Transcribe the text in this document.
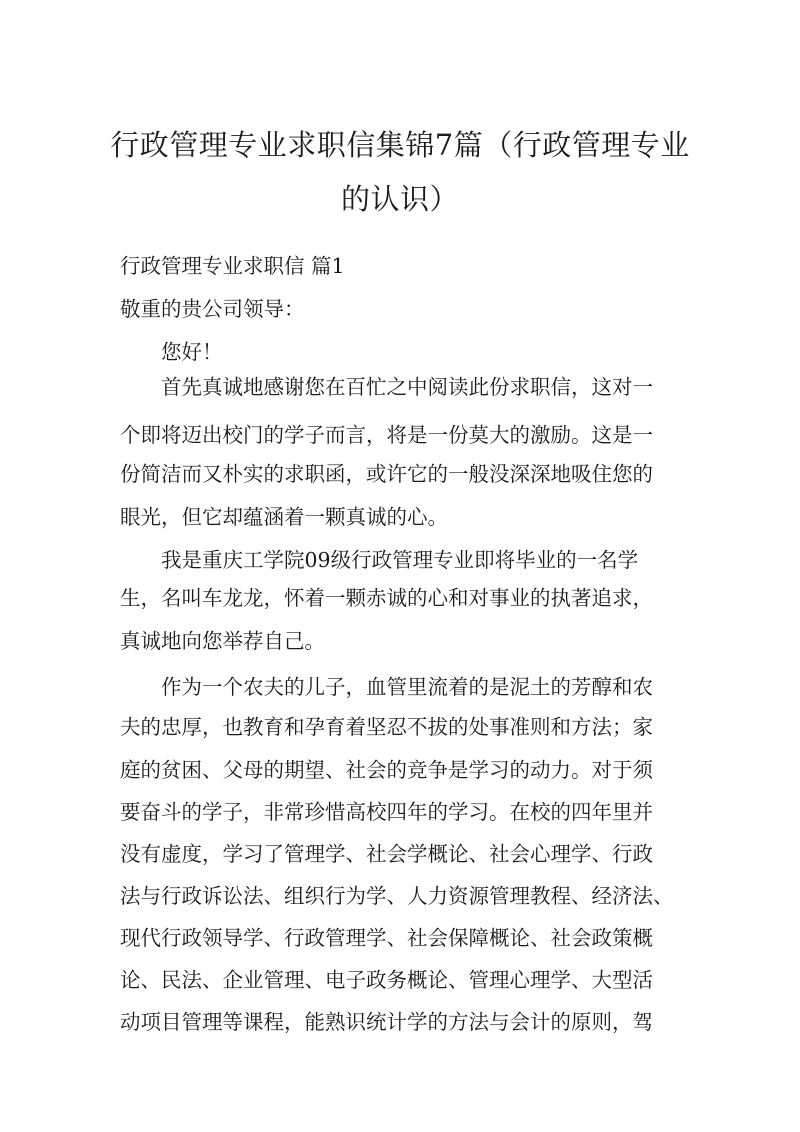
行政管理专业求职信集锦7篇（行政管理专业的认识）

行政管理专业求职信 篇1

敬重的贵公司领导：

您好！

首先真诚地感谢您在百忙之中阅读此份求职信，这对一

个即将迈出校门的学子而言，将是一份莫大的激励。这是一

份简洁而又朴实的求职函，或许它的一般没深深地吸住您的

眼光，但它却蕴涵着一颗真诚的心。

我是重庆工学院09级行政管理专业即将毕业的一名学

生，名叫车龙龙，怀着一颗赤诚的心和对事业的执著追求，

真诚地向您举荐自己。

作为一个农夫的儿子，血管里流着的是泥土的芳醇和农

夫的忠厚，也教育和孕育着坚忍不拔的处事准则和方法；家

庭的贫困、父母的期望、社会的竞争是学习的动力。对于须

要奋斗的学子，非常珍惜高校四年的学习。在校的四年里并

没有虚度，学习了管理学、社会学概论、社会心理学、行政

法与行政诉讼法、组织行为学、人力资源管理教程、经济法、

现代行政领导学、行政管理学、社会保障概论、社会政策概

论、民法、企业管理、电子政务概论、管理心理学、大型活

动项目管理等课程，能熟识统计学的方法与会计的原则，驾
